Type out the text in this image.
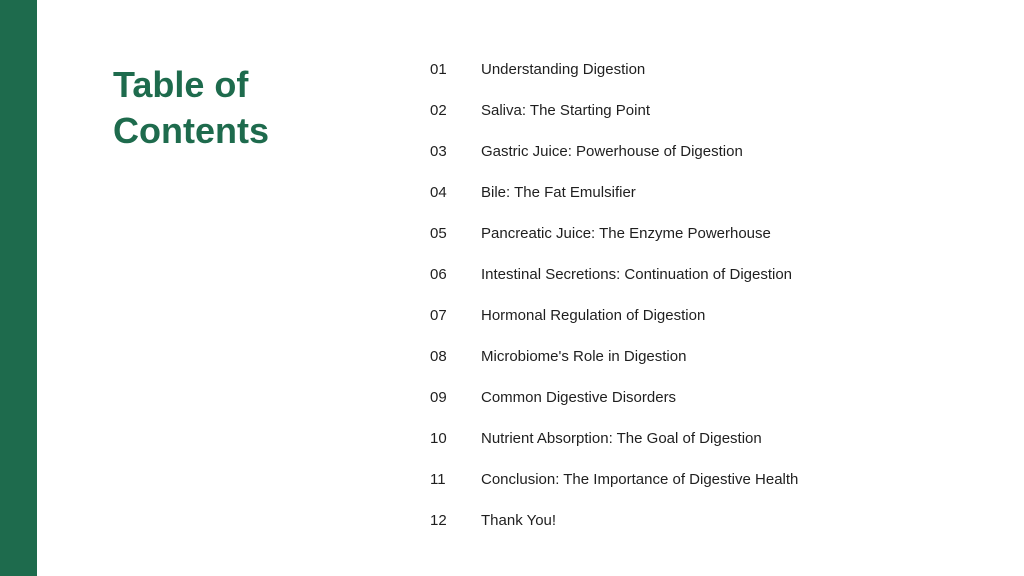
Table of
Contents
01	Understanding Digestion
02	Saliva: The Starting Point
03	Gastric Juice: Powerhouse of Digestion
04	Bile: The Fat Emulsifier
05	Pancreatic Juice: The Enzyme Powerhouse
06	Intestinal Secretions: Continuation of Digestion
07	Hormonal Regulation of Digestion
08	Microbiome's Role in Digestion
09	Common Digestive Disorders
10	Nutrient Absorption: The Goal of Digestion
11	Conclusion: The Importance of Digestive Health
12	Thank You!
